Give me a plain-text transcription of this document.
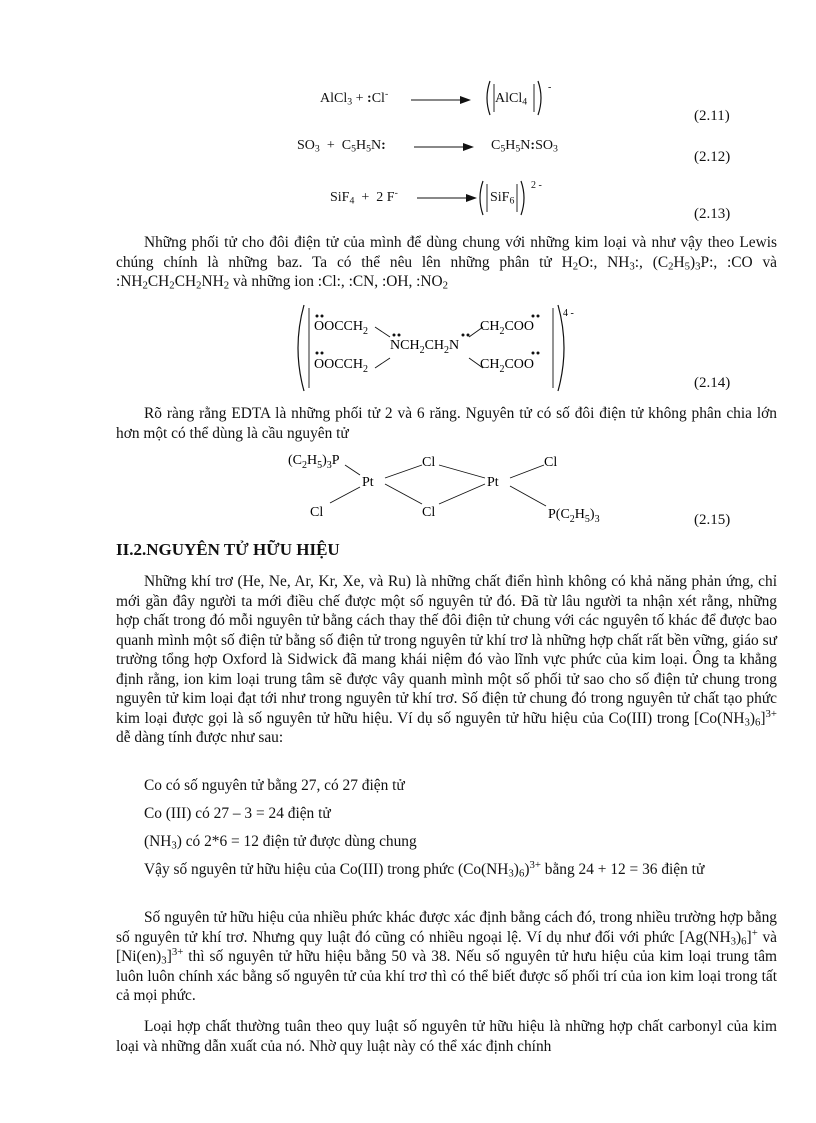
AlCl$_3$ + :Cl- → AlCl$_4$
-
(2.11)
$SO_3 + C_5H_5N$: → $C_5H_5N:SO_3$
(2.12)
SiF$_4$ + 2 F- → SiF$_6$
2 -
(2.13)

Những phối tử cho đôi điện tử của mình để dùng chung với những kim loại và như vậy theo Lewis chúng chính là những baz. Ta có thể nêu lên những phân tử $H_2O$:, $NH_3$:, $(C_2H_5)_3P$:, :CO và $:NH_2CH_2CH_2NH_2$ và những ion :Cl:, :CN, :OH, $:NO_2$

$OOCCH_2$
$OOCCH_2$
$NCH_2CH_2N$
$CH_2COO$
$CH_2COO$
4 -
(2.14)

Rõ ràng rằng EDTA là những phối tử 2 và 6 răng. Nguyên tử có số đôi điện tử không phân chia lớn hơn một có thể dùng là cầu nguyên tử

$(C_2H_5)_3P$
Pt	Pt
Cl
Cl
Cl
Cl
$P(C_2H_5)_3$	(2.15)
II.2.NGUYÊN TỬ HỮU HIỆU

Những khí trơ (He, Ne, Ar, Kr, Xe, và Ru) là những chất điển hình không có khả năng phản ứng, chỉ mới gần đây người ta mới điều chế được một số nguyên tử đó. Đã từ lâu người ta nhận xét rằng, những hợp chất trong đó mỗi nguyên tử bằng cách thay thế đôi điện tử chung với các nguyên tố khác để được bao quanh mình một số điện tử bằng số điện tử trong nguyên tử khí trơ là những hợp chất rất bền vững, giáo sư trường tổng hợp Oxford là Sidwick đã mang khái niệm đó vào lĩnh vực phức của kim loại. Ông ta khẳng định rằng, ion kim loại trung tâm sẽ được vây quanh mình một số phối tử sao cho số điện tử chung trong nguyên tử kim loại đạt tới như trong nguyên tử khí trơ. Số điện tử chung đó trong nguyên tử chất tạo phức kim loại được gọi là số nguyên tử hữu hiệu. Ví dụ số nguyên tử hữu hiệu của Co(III) trong $[Co(NH_3)_6]^{3+}$ dễ dàng tính được như sau:

Co có số nguyên tử bằng 27, có 27 điện tử
Co (III) có 27 – 3 = 24 điện tử
$(NH_3)$ có 2*6 = 12 điện tử được dùng chung

Vậy số nguyên tử hữu hiệu của Co(III) trong phức $(Co(NH_3)_6)^{3+}$ bằng 24 + 12 = 36 điện tử

Số nguyên tử hữu hiệu của nhiều phức khác được xác định bằng cách đó, trong nhiều trường hợp bằng số nguyên tử khí trơ. Nhưng quy luật đó cũng có nhiều ngoại lệ. Ví dụ như đối với phức $[Ag(NH_3)_6]^+$ và $[Ni(en)_3]^{3+}$ thì số nguyên tử hữu hiệu bằng 50 và 38. Nếu số nguyên tử hưu hiệu của kim loại trung tâm luôn luôn chính xác bằng số nguyên tử của khí trơ thì có thể biết được số phối trí của ion kim loại trong tất cả mọi phức.

Loại hợp chất thường tuân theo quy luật số nguyên tử hữu hiệu là những hợp chất carbonyl của kim loại và những dẫn xuất của nó. Nhờ quy luật này có thể xác định chính
